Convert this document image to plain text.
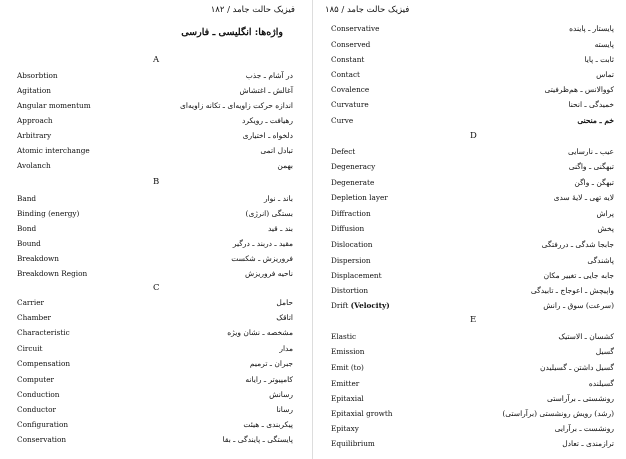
۱۸۲ / فیزیک حالت جامد
واژه‌ها: انگلیسی ـ فارسی
A
Absorbtion	در آشام ـ جذب
Agitation	آغالش ـ اغتشاش
Angular momentum	اندازه حرکت زاویه‌ای ـ تکانه زاویه‌ای
Approach	رهیافت ـ رویکرد
Arbitrary	دلخواه ـ اختیاری
Atomic interchange	تبادل اتمی
Avolanch	بهمن
B
Band	باند ـ نوار
Binding (energy)	بستگی (انرژی)
Bond	بند ـ قید
Bound	مقید ـ دربند ـ درگیر
Breakdown	فروریزش ـ شکست
Breakdown Region	ناحیه فروریزش
C
Carrier	حامل
Chamber	اتاقک
Characteristic	مشخصه ـ نشان ویژه
Circuit	مدار
Compensation	جبران ـ ترمیم
Computer	کامپیوتر ـ رایانه
Conduction	رسانش
Conductor	رسانا
Configuration	پیکربندی ـ هیئت
Conservation	پایستگی ـ پایندگی ـ بقا
فیزیک حالت جامد / ۱۸۵
Conservative	پایستار ـ پاینده
Conserved	پایسته
Constant	ثابت ـ پایا
Contact	تماس
Covalence	کووالانس ـ هم‌ظرفیتی
Curvature	خمیدگی ـ انحنا
Curve	خم ـ منحنی
D
Defect	عیب ـ نارسایی
Degeneracy	تبهگنی ـ واگنی
Degenerate	تبهگن ـ واگن
Depletion layer	لایه تهی ـ لایهٔ سدی
Diffraction	پراش
Diffusion	پخش
Dislocation	جابجا شدگی ـ دررفتگی
Dispersion	پاشندگی
Displacement	جابه جایی ـ تغییر مکان
Distortion	واپیچش ـ اعوجاج ـ تابیدگی
Drift (Velocity)	(سرعت) سوق ـ رانش
E
Elastic	کشسان ـ الاستیک
Emission	گسیل
Emit (to)	گسیل داشتن ـ گسیلیدن
Emitter	گسیلنده
Epitaxial	رونشستی ـ برآراستی
Epitaxial growth	(رشد) رویش رونشستی (برآراستی)
Epitaxy	رونشست ـ برآرایی
Equilibrium	ترازمندی ـ تعادل
